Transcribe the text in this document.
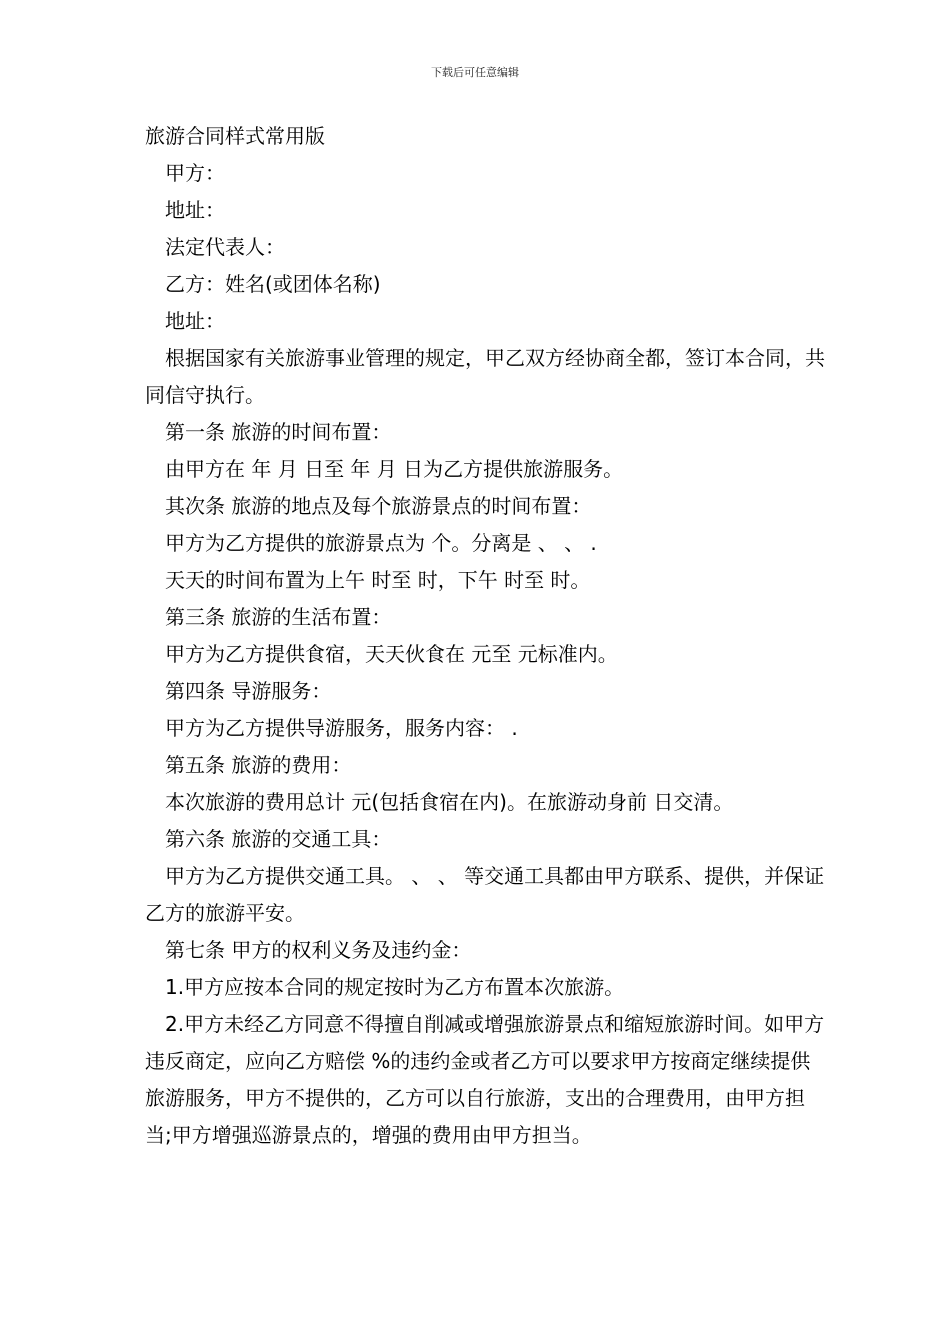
下载后可任意编辑

旅游合同样式常用版

甲方：

地址：

法定代表人：

乙方：姓名(或团体名称)

地址：

根据国家有关旅游事业管理的规定，甲乙双方经协商全都，签订本合同，共同信守执行。

第一条 旅游的时间布置：

由甲方在 年 月 日至 年 月 日为乙方提供旅游服务。

其次条 旅游的地点及每个旅游景点的时间布置：

甲方为乙方提供的旅游景点为 个。分离是 、 、 .

天天的时间布置为上午 时至 时，下午 时至 时。

第三条 旅游的生活布置：

甲方为乙方提供食宿，天天伙食在 元至 元标准内。

第四条 导游服务：

甲方为乙方提供导游服务，服务内容： .

第五条 旅游的费用：

本次旅游的费用总计 元(包括食宿在内)。在旅游动身前 日交清。

第六条 旅游的交通工具：

甲方为乙方提供交通工具。 、 、 等交通工具都由甲方联系、提供，并保证乙方的旅游平安。

第七条 甲方的权利义务及违约金：

1.甲方应按本合同的规定按时为乙方布置本次旅游。

2.甲方未经乙方同意不得擅自削减或增强旅游景点和缩短旅游时间。如甲方违反商定，应向乙方赔偿 %的违约金或者乙方可以要求甲方按商定继续提供旅游服务，甲方不提供的，乙方可以自行旅游，支出的合理费用，由甲方担当;甲方增强巡游景点的，增强的费用由甲方担当。
